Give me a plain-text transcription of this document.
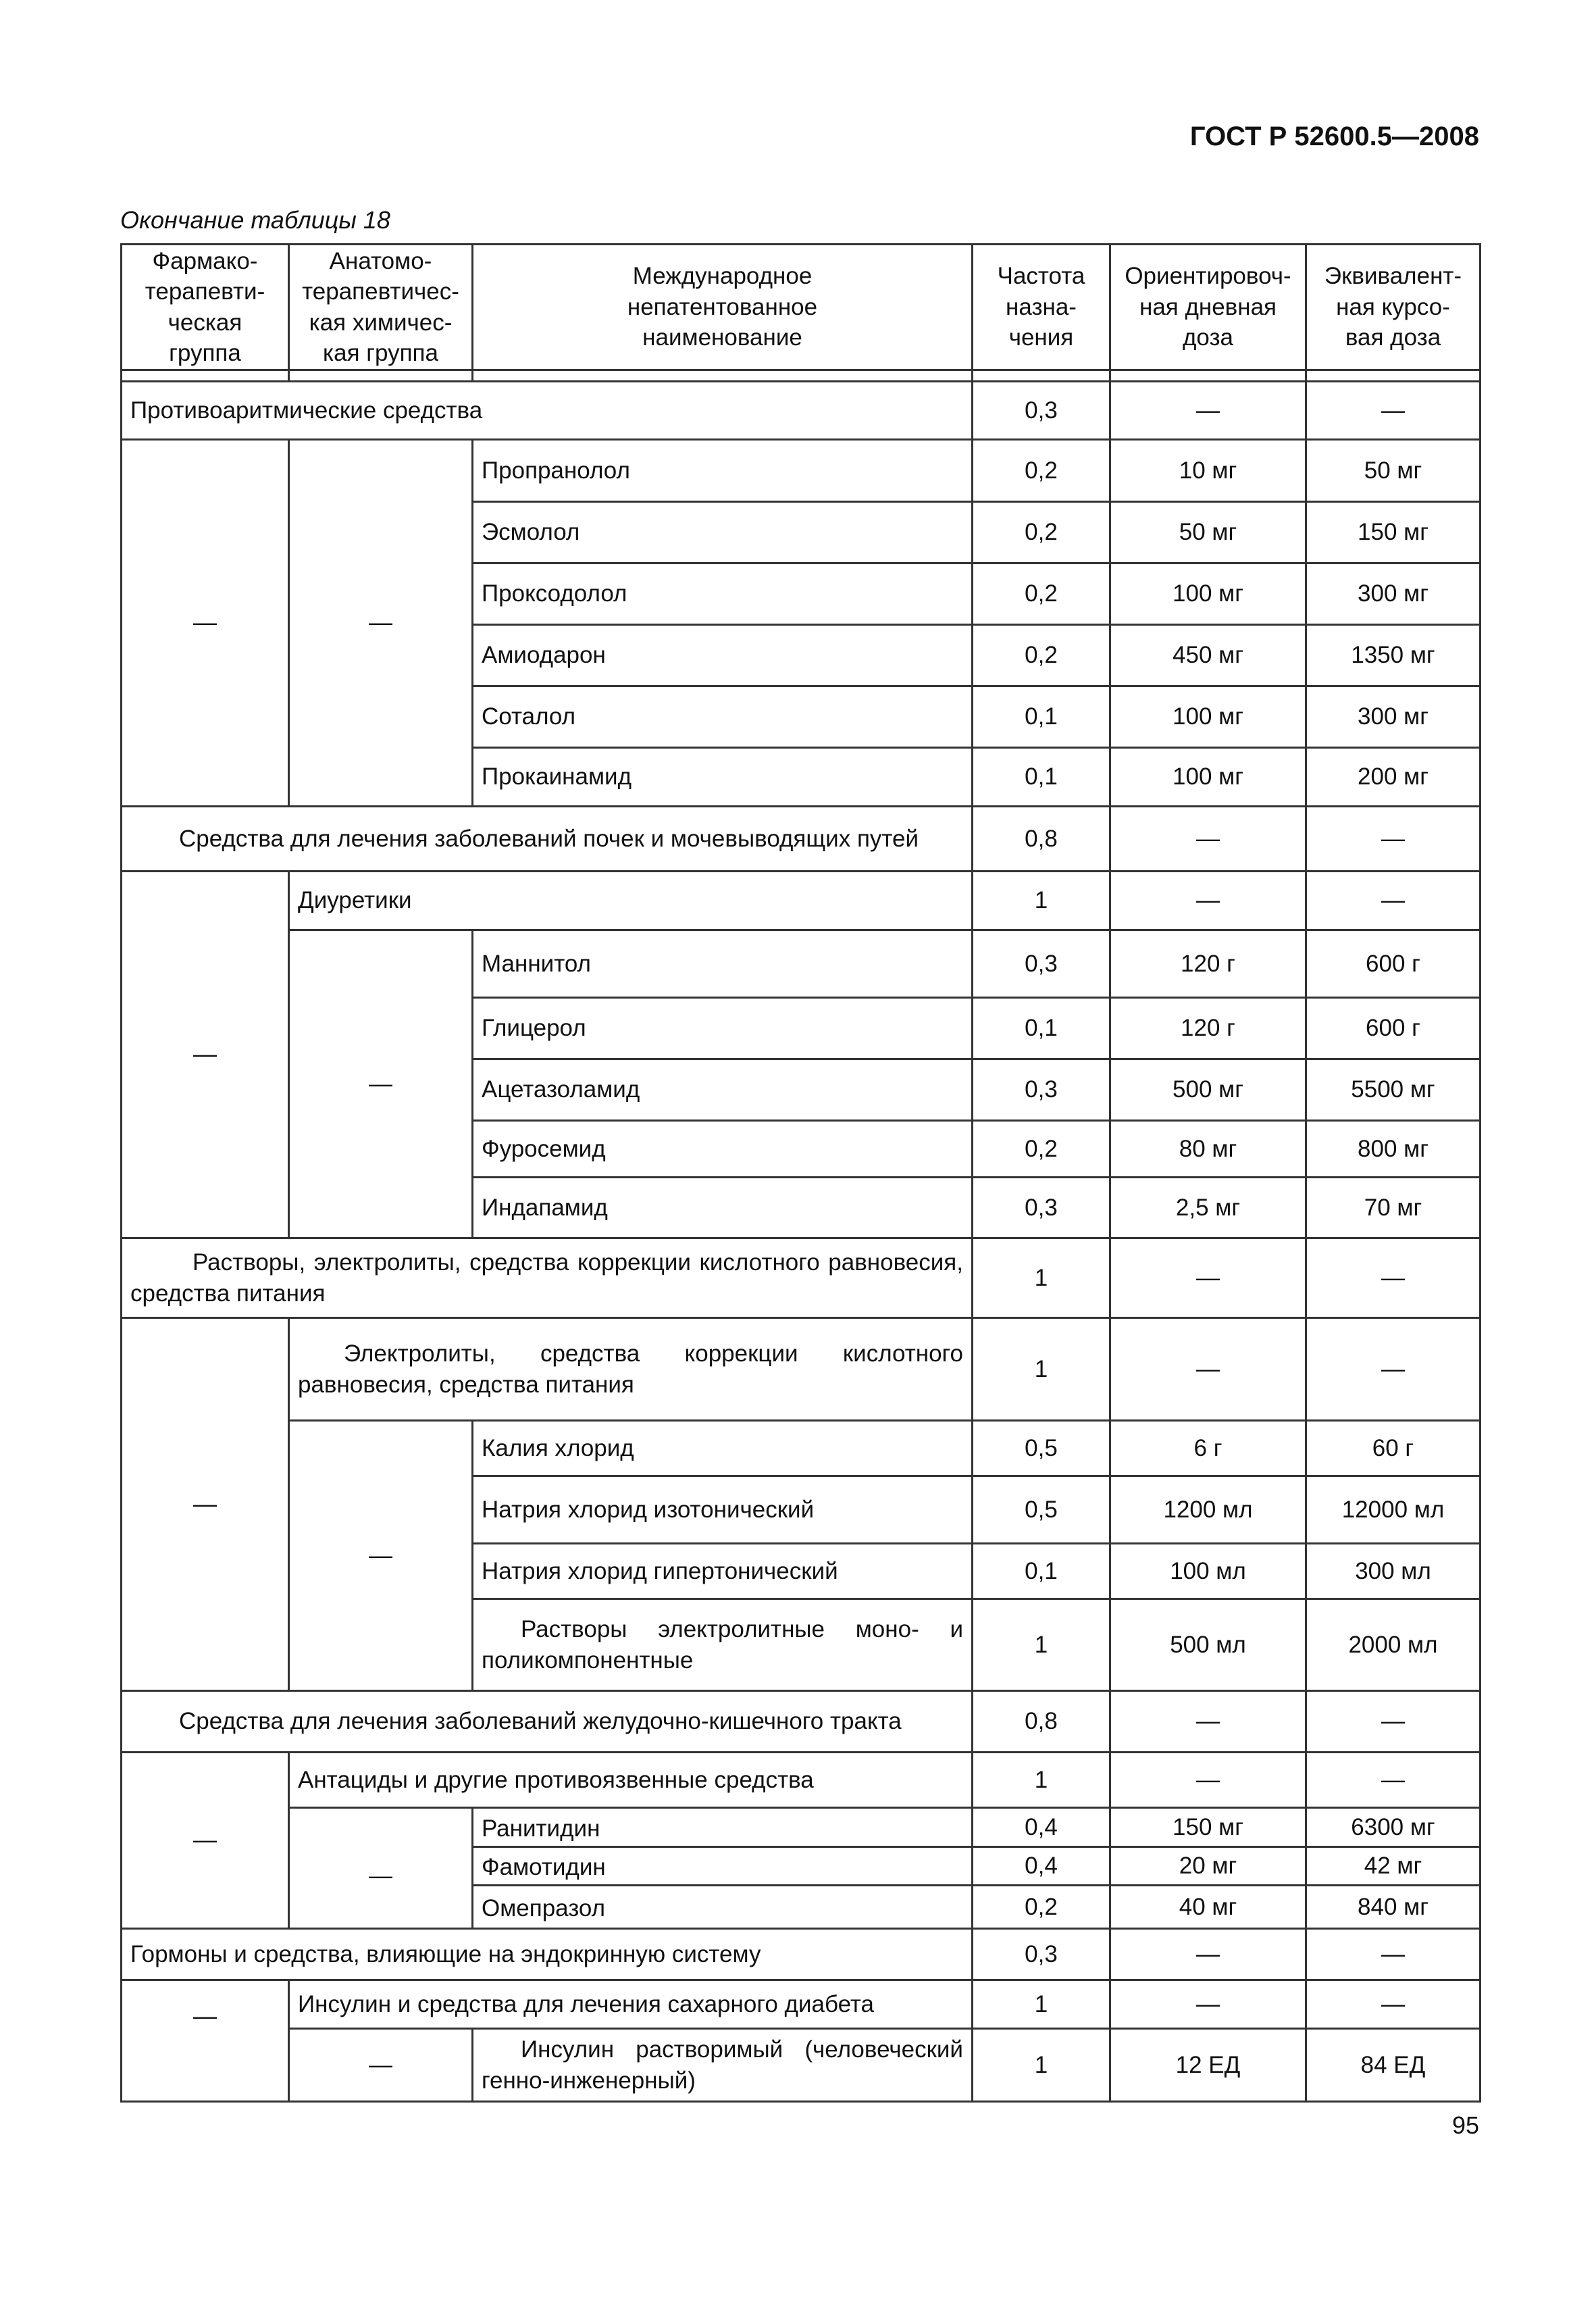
ГОСТ Р 52600.5—2008
Окончание таблицы 18
Фармако-
терапевти-
ческая
группа	Анатомо-
терапевтичес-
кая химичес-
кая группа	Международное
непатентованное
наименование	Частота
назна-
чения	Ориентировоч-
ная дневная
доза	Эквивалент-
ная курсо-
вая доза

Противоаритмические средства			0,3	—	—
—	—	Пропранолол	0,2	10 мг	50 мг
		Эсмолол	0,2	50 мг	150 мг
		Проксодолол	0,2	100 мг	300 мг
		Амиодарон	0,2	450 мг	1350 мг
		Соталол	0,1	100 мг	300 мг
		Прокаинамид	0,1	100 мг	200 мг
Средства для лечения заболеваний почек и мочевыводящих путей			0,8	—	—
—	Диуретики		1	—	—
	—	Маннитол	0,3	120 г	600 г
		Глицерол	0,1	120 г	600 г
		Ацетазоламид	0,3	500 мг	5500 мг
		Фуросемид	0,2	80 мг	800 мг
		Индапамид	0,3	2,5 мг	70 мг
Растворы, электролиты, средства коррекции кислотного равновесия, средства питания			1	—	—
—	Электролиты, средства коррекции кислотного равновесия, средства питания		1	—	—
	—	Калия хлорид	0,5	6 г	60 г
		Натрия хлорид изотонический	0,5	1200 мл	12000 мл
		Натрия хлорид гипертонический	0,1	100 мл	300 мл
		Растворы электролитные моно- и поликомпонентные	1	500 мл	2000 мл
Средства для лечения заболеваний желудочно-кишечного тракта			0,8	—	—
—	Антациды и другие противоязвенные средства		1	—	—
	—	Ранитидин	0,4	150 мг	6300 мг
		Фамотидин	0,4	20 мг	42 мг
		Омепразол	0,2	40 мг	840 мг
Гормоны и средства, влияющие на эндокринную систему			0,3	—	—
—	Инсулин и средства для лечения сахарного диабета		1	—	—
	—	Инсулин растворимый (человеческий генно-инженерный)	1	12 ЕД	84 ЕД
95
